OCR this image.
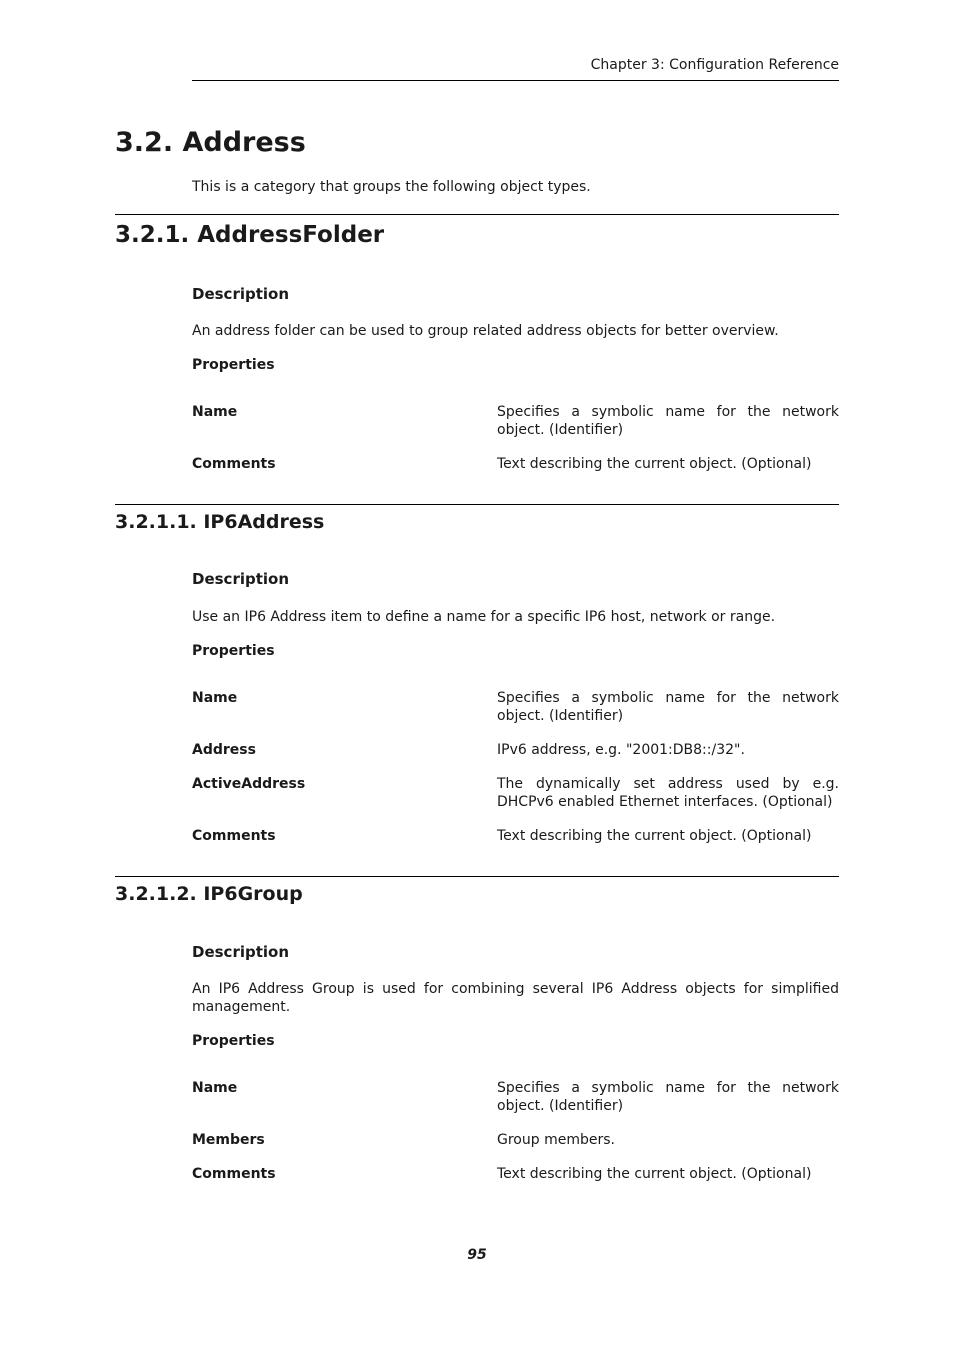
Chapter 3: Configuration Reference
3.2. Address

This is a category that groups the following object types.

3.2.1. AddressFolder
Description

An address folder can be used to group related address objects for better overview.

Properties
Name	Specifies a symbolic name for the network object. (Identifier)
Comments	Text describing the current object. (Optional)
3.2.1.1. IP6Address
Description

Use an IP6 Address item to define a name for a specific IP6 host, network or range.

Properties
Name	Specifies a symbolic name for the network object. (Identifier)
Address	IPv6 address, e.g. "2001:DB8::/32".
ActiveAddress	The dynamically set address used by e.g. DHCPv6 enabled Ethernet interfaces. (Optional)
Comments	Text describing the current object. (Optional)
3.2.1.2. IP6Group
Description

An IP6 Address Group is used for combining several IP6 Address objects for simplified management.

Properties
Name	Specifies a symbolic name for the network object. (Identifier)
Members	Group members.
Comments	Text describing the current object. (Optional)
95
